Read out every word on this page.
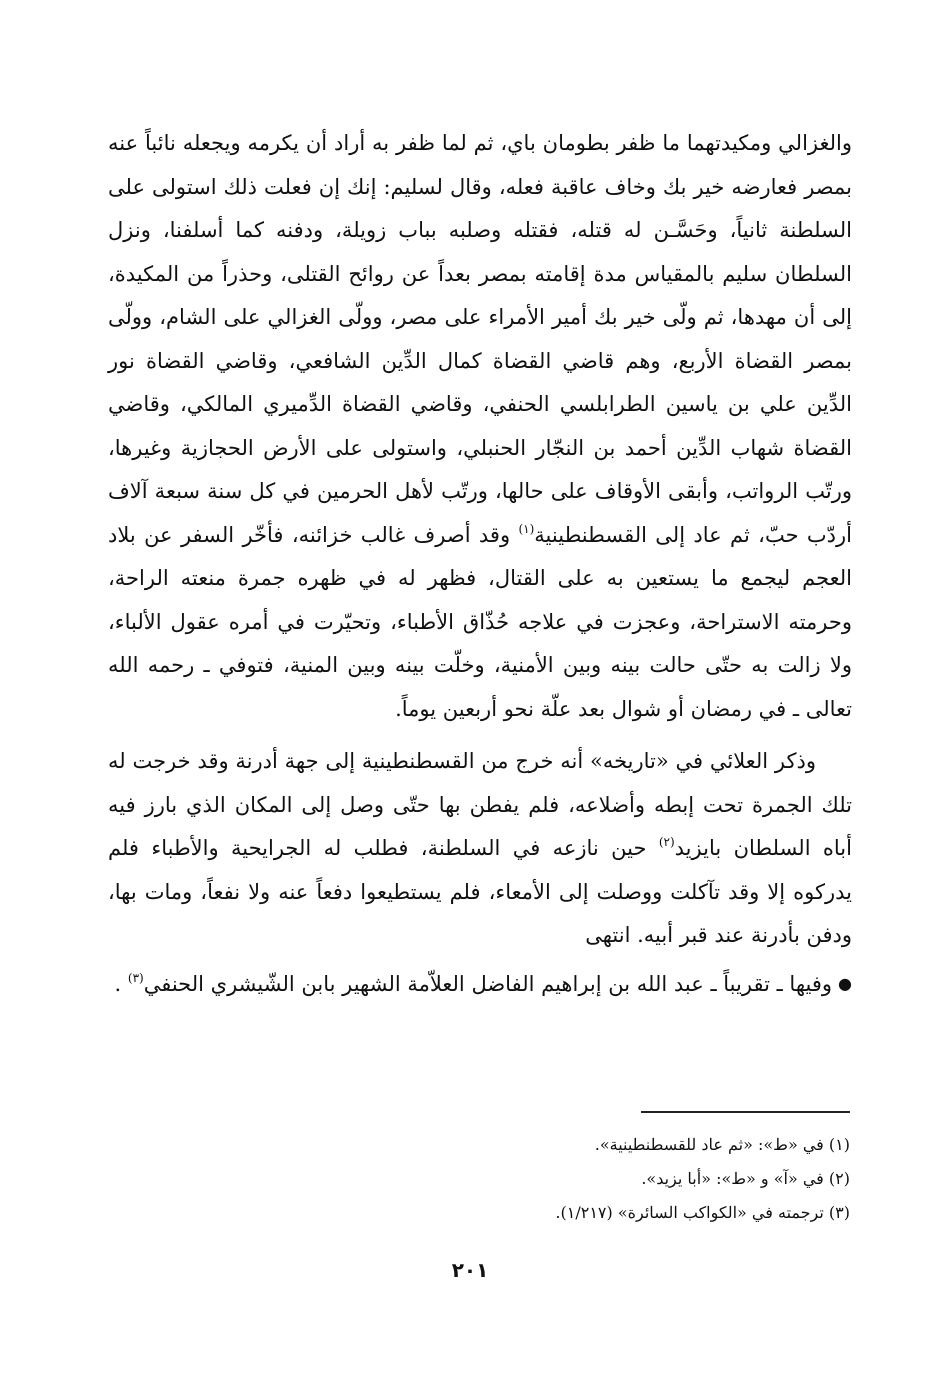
والغزالي ومكيدتهما ما ظفر بطومان باي، ثم لما ظفر به أراد أن يكرمه ويجعله نائباً عنه بمصر فعارضه خير بك وخاف عاقبة فعله، وقال لسليم: إنك إن فعلت ذلك استولى على السلطنة ثانياً، وحَسَّـن له قتله، فقتله وصلبه بباب زويلة، ودفنه كما أسلفنا، ونزل السلطان سليم بالمقياس مدة إقامته بمصر بعداً عن روائح القتلى، وحذراً من المكيدة، إلى أن مهدها، ثم ولّى خير بك أمير الأمراء على مصر، وولّى الغزالي على الشام، وولّى بمصر القضاة الأربع، وهم قاضي القضاة كمال الدِّين الشافعي، وقاضي القضاة نور الدِّين علي بن ياسين الطرابلسي الحنفي، وقاضي القضاة الدِّميري المالكي، وقاضي القضاة شهاب الدِّين أحمد بن النجّار الحنبلي، واستولى على الأرض الحجازية وغيرها، ورتّب الرواتب، وأبقى الأوقاف على حالها، ورتّب لأهل الحرمين في كل سنة سبعة آلاف أردّب حبّ، ثم عاد إلى القسطنطينية$^{(١)}$ وقد أصرف غالب خزائنه، فأخّر السفر عن بلاد العجم ليجمع ما يستعين به على القتال، فظهر له في ظهره جمرة منعته الراحة، وحرمته الاستراحة، وعجزت في علاجه حُذّاق الأطباء، وتحيّرت في أمره عقول الألباء، ولا زالت به حتّى حالت بينه وبين الأمنية، وخلّت بينه وبين المنية، فتوفي ـ رحمه الله تعالى ـ في رمضان أو شوال بعد علّة نحو أربعين يوماً.

وذكر العلائي في «تاريخه» أنه خرج من القسطنطينية إلى جهة أدرنة وقد خرجت له تلك الجمرة تحت إبطه وأضلاعه، فلم يفطن بها حتّى وصل إلى المكان الذي بارز فيه أباه السلطان بايزيد$^{(٢)}$ حين نازعه في السلطنة، فطلب له الجرايحية والأطباء فلم يدركوه إلا وقد تآكلت ووصلت إلى الأمعاء، فلم يستطيعوا دفعاً عنه ولا نفعاً، ومات بها، ودفن بأدرنة عند قبر أبيه. انتهى

●وفيها ـ تقريباً ـ عبد الله بن إبراهيم الفاضل العلاّمة الشهير بابن الشّيشري الحنفي$^{(٣)}$ .

(١) في «ط»: «ثم عاد للقسطنطينية».

(٢) في «آ» و «ط»: «أبا يزيد».

(٣) ترجمته في «الكواكب السائرة» (١/٢١٧).

٢٠١
